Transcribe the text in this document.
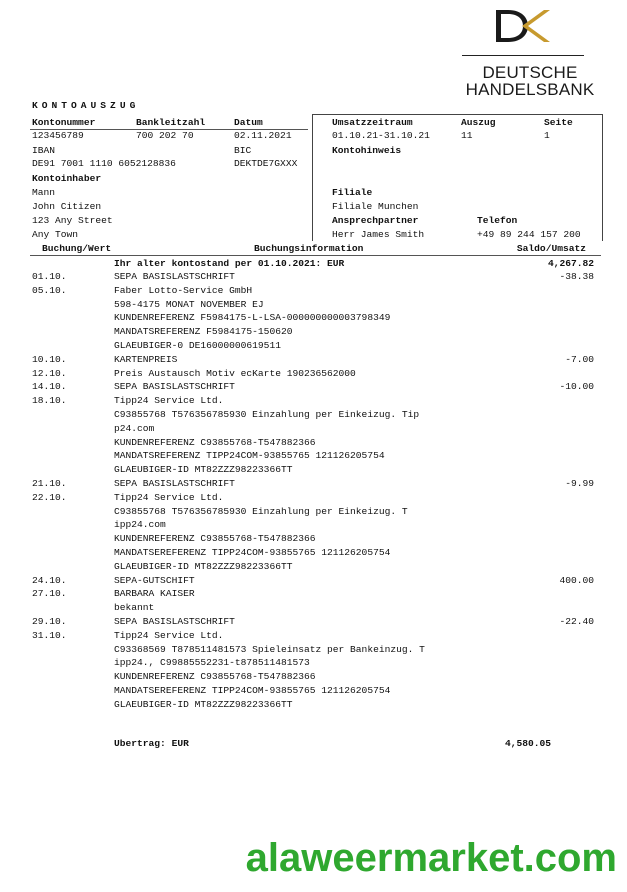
DEUTSCHE
HANDELSBANK
KONTOAUSZUG
Kontonummer	Bankleitzahl	Datum
123456789	700 202 70	02.11.2021
IBAN	BIC
DE91 7001 1110 6052128836	DEKTDE7GXXX
Kontoinhaber
Mann
John Citizen
123 Any Street
Any Town
Umsatzzeitraum	Auszug	Seite
01.10.21-31.10.21	11	1
Kontohinweis
Filiale
Filiale Munchen
Ansprechpartner	Telefon
Herr James Smith	+49 89 244 157 200
Buchung/Wert	Buchungsinformation	Saldo/Umsatz
Ihr alter kontostand per 01.10.2021: EUR	4,267.82
01.10.	SEPA BASISLASTSCHRIFT	-38.38
05.10.	Faber Lotto-Service GmbH
598-4175 MONAT NOVEMBER EJ
KUNDENREFERENZ F5984175-L-LSA-000000000003798349
MANDATSREFERENZ F5984175-150620
GLAEUBIGER-0 DE16000000619511
10.10.	KARTENPREIS	-7.00
12.10.	Preis Austausch Motiv ecKarte 190236562000
14.10.	SEPA BASISLASTSCHRIFT	-10.00
18.10.	Tipp24 Service Ltd.
C93855768 T576356785930 Einzahlung per Einkeizug. Tip
p24.com
KUNDENREFERENZ C93855768-T547882366
MANDATSREFERENZ TIPP24COM-93855765 121126205754
GLAEUBIGER-ID MT82ZZZ98223366TT
21.10.	SEPA BASISLASTSCHRIFT	-9.99
22.10.	Tipp24 Service Ltd.
C93855768 T576356785930 Einzahlung per Einkeizug. T
ipp24.com
KUNDENREFERENZ C93855768-T547882366
MANDATSEREFERENZ TIPP24COM-93855765 121126205754
GLAEUBIGER-ID MT82ZZZ98223366TT
24.10.	SEPA-GUTSCHIFT	400.00
27.10.	BARBARA KAISER
bekannt
29.10.	SEPA BASISLASTSCHRIFT	-22.40
31.10.	Tipp24 Service Ltd.
C93368569 T878511481573 Spieleinsatz per Bankeinzug. T
ipp24., C99885552231-t878511481573
KUNDENREFERENZ C93855768-T547882366
MANDATSEREFERENZ TIPP24COM-93855765 121126205754
GLAEUBIGER-ID MT82ZZZ98223366TT
Ubertrag: EUR	4,580.05
alaweermarket.com
